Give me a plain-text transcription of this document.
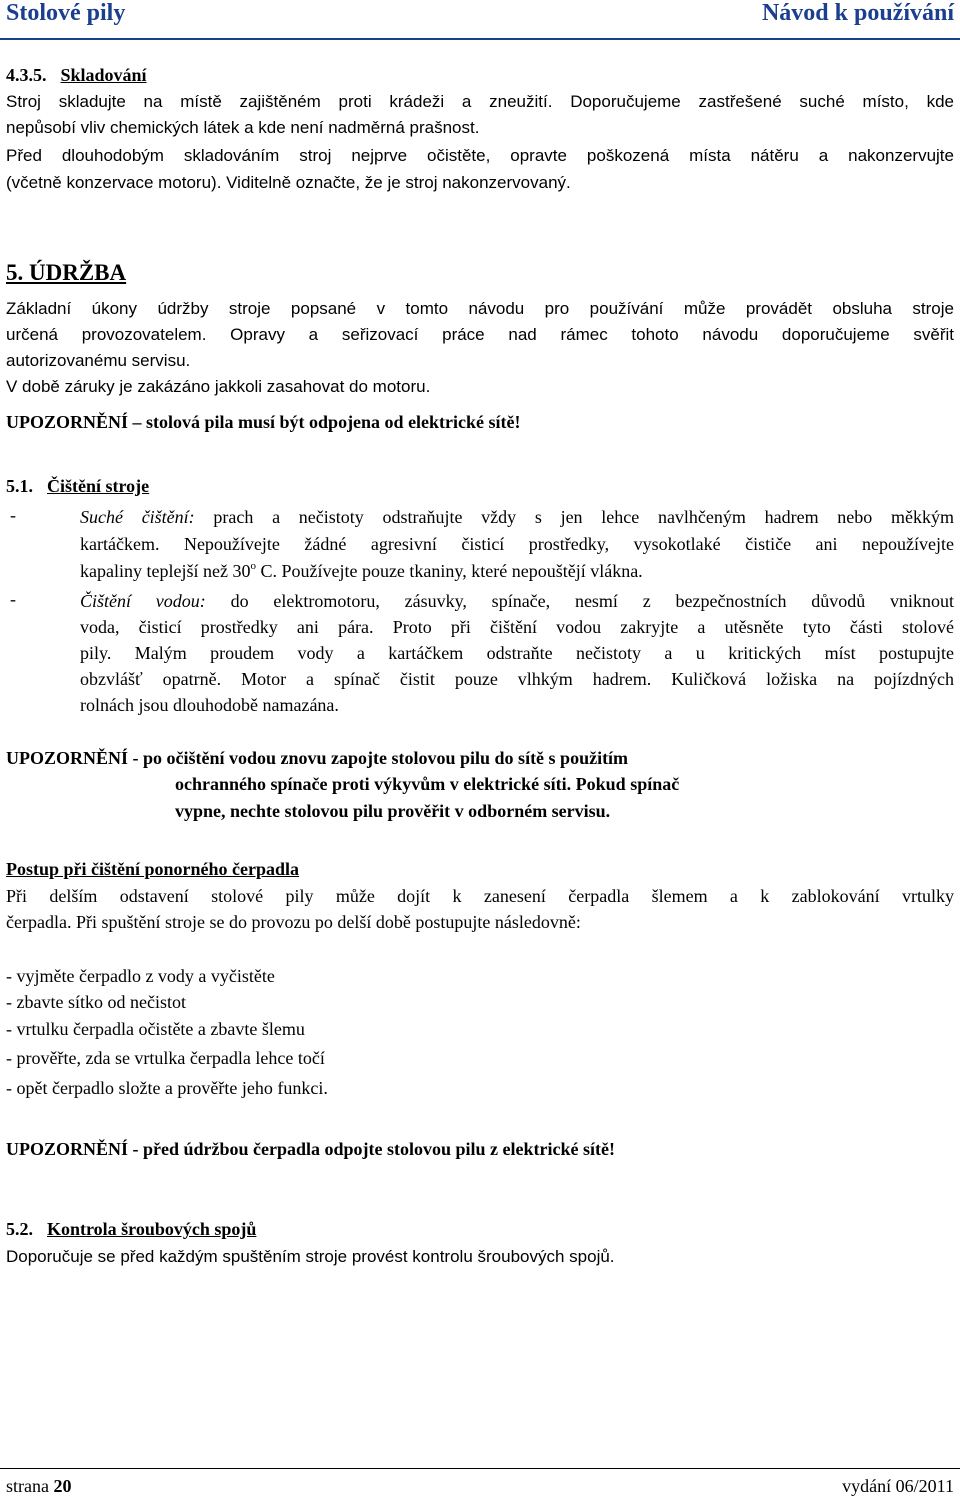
Stolové pily	Návod k používání
4.3.5. Skladování
Stroj skladujte na místě zajištěném proti krádeži a zneužití. Doporučujeme zastřešené suché místo, kde
nepůsobí vliv chemických látek a kde není nadměrná prašnost.
Před dlouhodobým skladováním stroj nejprve očistěte, opravte poškozená místa nátěru a nakonzervujte
(včetně konzervace motoru). Viditelně označte, že je stroj nakonzervovaný.
5. ÚDRŽBA
Základní úkony údržby stroje popsané v tomto návodu pro používání může provádět obsluha stroje
určená provozovatelem. Opravy a seřizovací práce nad rámec tohoto návodu doporučujeme svěřit
autorizovanému servisu.
V době záruky je zakázáno jakkoli zasahovat do motoru.
UPOZORNĚNÍ – stolová pila musí být odpojena od elektrické sítě!
5.1. Čištění stroje
-	Suché čištění: prach a nečistoty odstraňujte vždy s jen lehce navlhčeným hadrem nebo měkkým
kartáčkem. Nepoužívejte žádné agresivní čisticí prostředky, vysokotlaké čističe ani nepoužívejte
kapaliny teplejší než 30$^o$ C. Používejte pouze tkaniny, které nepouštějí vlákna.
-	Čištění vodou: do elektromotoru, zásuvky, spínače, nesmí z bezpečnostních důvodů vniknout
voda, čisticí prostředky ani pára. Proto při čištění vodou zakryjte a utěsněte tyto části stolové
pily. Malým proudem vody a kartáčkem odstraňte nečistoty a u kritických míst postupujte
obzvlášť opatrně. Motor a spínač čistit pouze vlhkým hadrem. Kuličková ložiska na pojízdných
rolnách jsou dlouhodobě namazána.
UPOZORNĚNÍ - po očištění vodou znovu zapojte stolovou pilu do sítě s použitím
ochranného spínače proti výkyvům v elektrické síti. Pokud spínač
vypne, nechte stolovou pilu prověřit v odborném servisu.
Postup při čištění ponorného čerpadla
Při delším odstavení stolové pily může dojít k zanesení čerpadla šlemem a k zablokování vrtulky
čerpadla. Při spuštění stroje se do provozu po delší době postupujte následovně:
- vyjměte čerpadlo z vody a vyčistěte
- zbavte sítko od nečistot
- vrtulku čerpadla očistěte a zbavte šlemu
- prověřte, zda se vrtulka čerpadla lehce točí
- opět čerpadlo složte a prověřte jeho funkci.
UPOZORNĚNÍ - před údržbou čerpadla odpojte stolovou pilu z elektrické sítě!
5.2. Kontrola šroubových spojů
Doporučuje se před každým spuštěním stroje provést kontrolu šroubových spojů.
strana 20	vydání 06/2011
